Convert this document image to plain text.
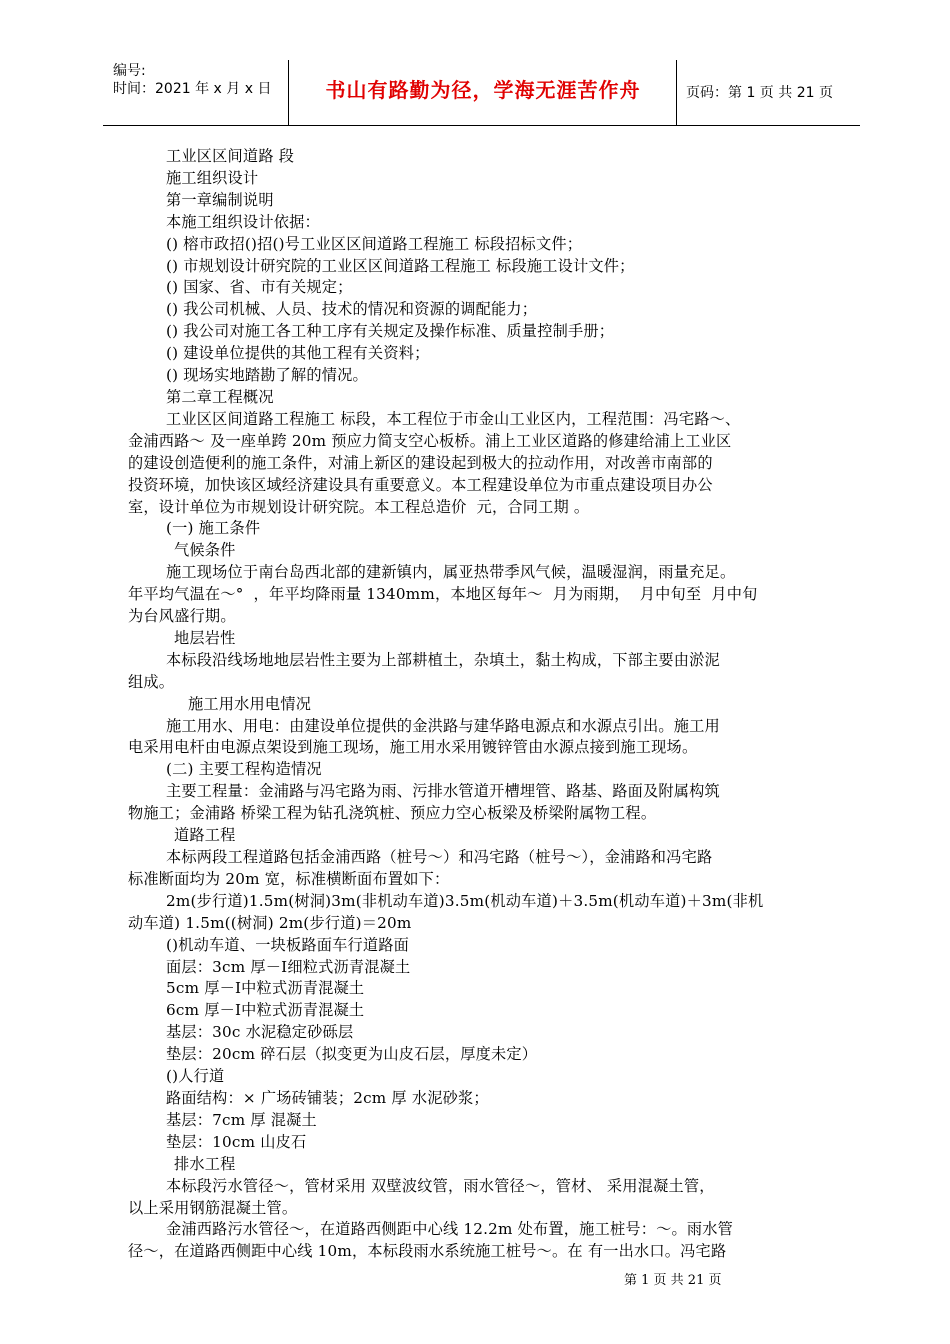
编号:
时间：2021 年 x 月 x 日	书山有路勤为径，学海无涯苦作舟	页码：第 1 页 共 21 页

工业区区间道路 段

施工组织设计

第一章编制说明

本施工组织设计依据：

() 榕市政招()招()号工业区区间道路工程施工 标段招标文件；

() 市规划设计研究院的工业区区间道路工程施工 标段施工设计文件；

() 国家、省、市有关规定；

() 我公司机械、人员、技术的情况和资源的调配能力；

() 我公司对施工各工种工序有关规定及操作标准、质量控制手册；

() 建设单位提供的其他工程有关资料；

() 现场实地踏勘了解的情况。

第二章工程概况

工业区区间道路工程施工 标段，本工程位于市金山工业区内，工程范围：冯宅路～、

金浦西路～ 及一座单跨 20m 预应力简支空心板桥。浦上工业区道路的修建给浦上工业区

的建设创造便利的施工条件，对浦上新区的建设起到极大的拉动作用，对改善市南部的

投资环境，加快该区域经济建设具有重要意义。本工程建设单位为市重点建设项目办公

室，设计单位为市规划设计研究院。本工程总造价  元，合同工期 。

(一) 施工条件

气候条件

施工现场位于南台岛西北部的建新镇内，属亚热带季风气候，温暖湿润，雨量充足。

年平均气温在～°  ，年平均降雨量 1340mm，本地区每年～  月为雨期，  月中旬至  月中旬

为台风盛行期。

地层岩性

本标段沿线场地地层岩性主要为上部耕植土，杂填土，黏土构成，下部主要由淤泥

组成。

施工用水用电情况

施工用水、用电：由建设单位提供的金洪路与建华路电源点和水源点引出。施工用

电采用电杆由电源点架设到施工现场，施工用水采用镀锌管由水源点接到施工现场。

(二) 主要工程构造情况

主要工程量：金浦路与冯宅路为雨、污排水管道开槽埋管、路基、路面及附属构筑

物施工；金浦路 桥梁工程为钻孔浇筑桩、预应力空心板梁及桥梁附属物工程。

道路工程

本标两段工程道路包括金浦西路（桩号～）和冯宅路（桩号～），金浦路和冯宅路

标准断面均为 20m 宽，标准横断面布置如下：

2m(步行道)1.5m(树洞)3m(非机动车道)3.5m(机动车道)＋3.5m(机动车道)＋3m(非机

动车道) 1.5m((树洞) 2m(步行道)＝20m

()机动车道、一块板路面车行道路面

面层：3cm 厚－Ⅰ细粒式沥青混凝土

5cm 厚－Ⅰ中粒式沥青混凝土

6cm 厚－Ⅰ中粒式沥青混凝土

基层：30c 水泥稳定砂砾层

垫层：20cm 碎石层（拟变更为山皮石层，厚度未定）

()人行道

路面结构：× 广场砖铺装；2cm 厚 水泥砂浆；

基层：7cm 厚 混凝土

垫层：10cm 山皮石

排水工程

本标段污水管径～，管材采用 双壁波纹管，雨水管径～，管材、 采用混凝土管，

以上采用钢筋混凝土管。

金浦西路污水管径～，在道路西侧距中心线 12.2m 处布置，施工桩号：～。雨水管

径～，在道路西侧距中心线 10m，本标段雨水系统施工桩号～。在 有一出水口。冯宅路

第 1 页 共 21 页
